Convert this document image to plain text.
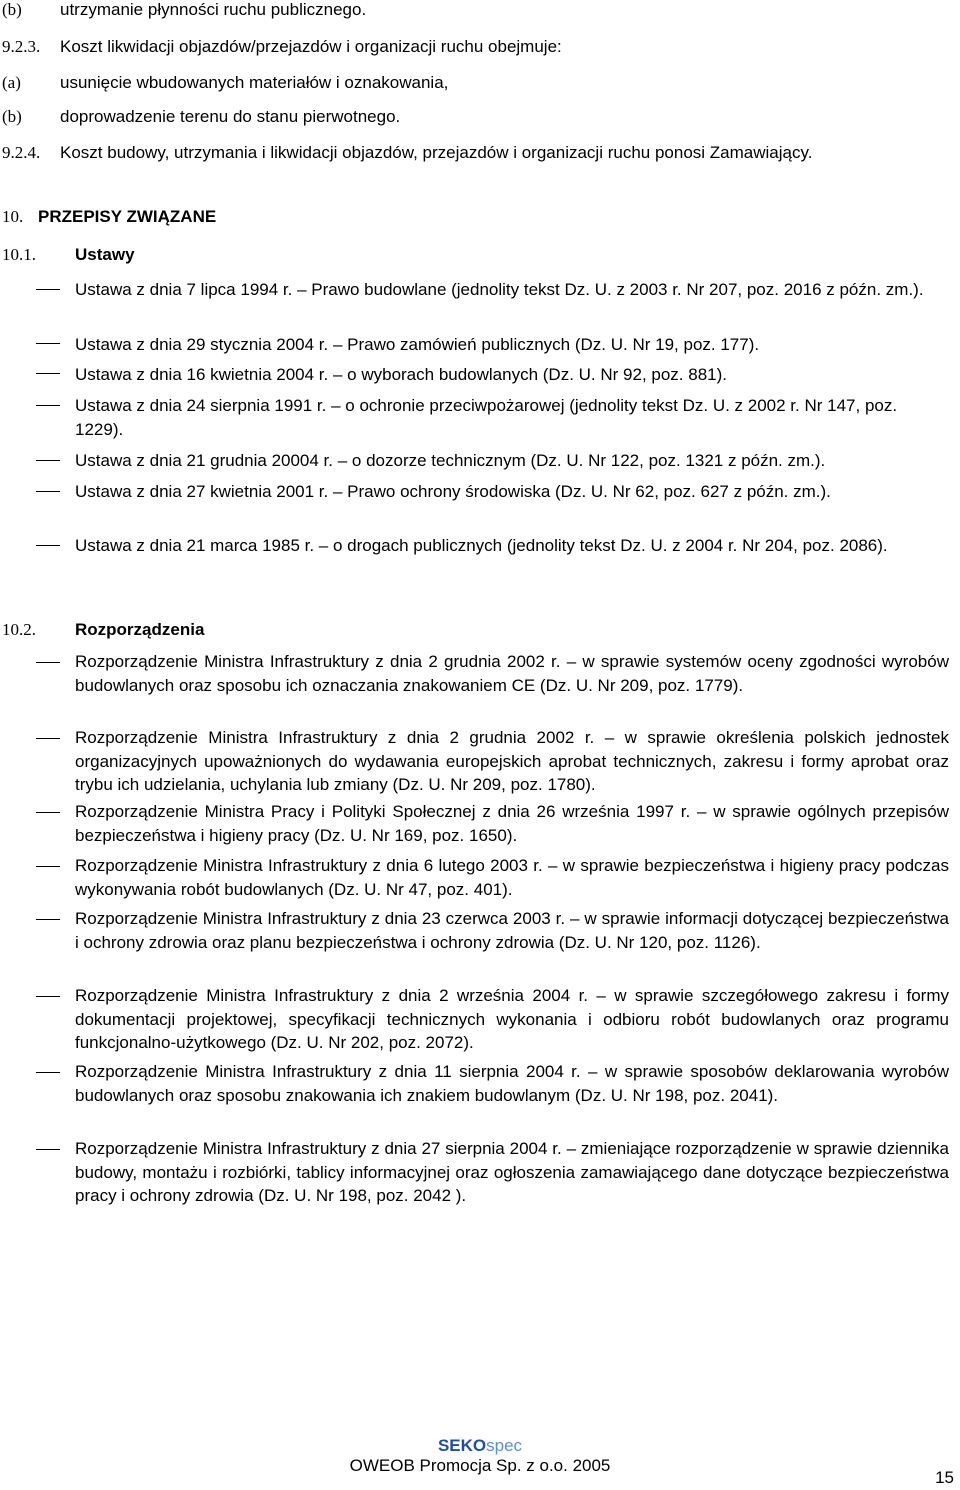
(b) utrzymanie płynności ruchu publicznego.
9.2.3. Koszt likwidacji objazdów/przejazdów i organizacji ruchu obejmuje:
(a) usunięcie wbudowanych materiałów i oznakowania,
(b) doprowadzenie terenu do stanu pierwotnego.
9.2.4. Koszt budowy, utrzymania i likwidacji objazdów, przejazdów i organizacji ruchu ponosi Zamawiający.
10. PRZEPISY ZWIĄZANE
10.1. Ustawy
Ustawa z dnia 7 lipca 1994 r. – Prawo budowlane (jednolity tekst Dz. U. z 2003 r. Nr 207, poz. 2016 z późn. zm.).
Ustawa z dnia 29 stycznia 2004 r. – Prawo zamówień publicznych (Dz. U. Nr 19, poz. 177).
Ustawa z dnia 16 kwietnia 2004 r. – o wyborach budowlanych (Dz. U. Nr 92, poz. 881).
Ustawa z dnia 24 sierpnia 1991 r. – o ochronie przeciwpożarowej (jednolity tekst Dz. U. z 2002 r. Nr 147, poz. 1229).
Ustawa z dnia 21 grudnia 20004 r. – o dozorze technicznym (Dz. U. Nr 122, poz. 1321 z późn. zm.).
Ustawa z dnia 27 kwietnia 2001 r. – Prawo ochrony środowiska (Dz. U. Nr 62, poz. 627 z późn. zm.).
Ustawa z dnia 21 marca 1985 r. – o drogach publicznych (jednolity tekst Dz. U. z 2004 r. Nr 204, poz. 2086).
10.2. Rozporządzenia
Rozporządzenie Ministra Infrastruktury z dnia 2 grudnia 2002 r. – w sprawie systemów oceny zgodności wyrobów budowlanych oraz sposobu ich oznaczania znakowaniem CE (Dz. U. Nr 209, poz. 1779).
Rozporządzenie Ministra Infrastruktury z dnia 2 grudnia 2002 r. – w sprawie określenia polskich jednostek organizacyjnych upoważnionych do wydawania europejskich aprobat technicznych, zakresu i formy aprobat oraz trybu ich udzielania, uchylania lub zmiany (Dz. U. Nr 209, poz. 1780).
Rozporządzenie Ministra Pracy i Polityki Społecznej z dnia 26 września 1997 r. – w sprawie ogólnych przepisów bezpieczeństwa i higieny pracy (Dz. U. Nr 169, poz. 1650).
Rozporządzenie Ministra Infrastruktury z dnia 6 lutego 2003 r. – w sprawie bezpieczeństwa i higieny pracy podczas wykonywania robót budowlanych (Dz. U. Nr 47, poz. 401).
Rozporządzenie Ministra Infrastruktury z dnia 23 czerwca 2003 r. – w sprawie informacji dotyczącej bezpieczeństwa i ochrony zdrowia oraz planu bezpieczeństwa i ochrony zdrowia (Dz. U. Nr 120, poz. 1126).
Rozporządzenie Ministra Infrastruktury z dnia 2 września 2004 r. – w sprawie szczegółowego zakresu i formy dokumentacji projektowej, specyfikacji technicznych wykonania i odbioru robót budowlanych oraz programu funkcjonalno-użytkowego (Dz. U. Nr 202, poz. 2072).
Rozporządzenie Ministra Infrastruktury z dnia 11 sierpnia 2004 r. – w sprawie sposobów deklarowania wyrobów budowlanych oraz sposobu znakowania ich znakiem budowlanym (Dz. U. Nr 198, poz. 2041).
Rozporządzenie Ministra Infrastruktury z dnia 27 sierpnia 2004 r. – zmieniające rozporządzenie w sprawie dziennika budowy, montażu i rozbiórki, tablicy informacyjnej oraz ogłoszenia zamawiającego dane dotyczące bezpieczeństwa pracy i ochrony zdrowia (Dz. U. Nr 198, poz. 2042 ).
SEKOspec
OWEOB Promocja Sp. z o.o. 2005
15
